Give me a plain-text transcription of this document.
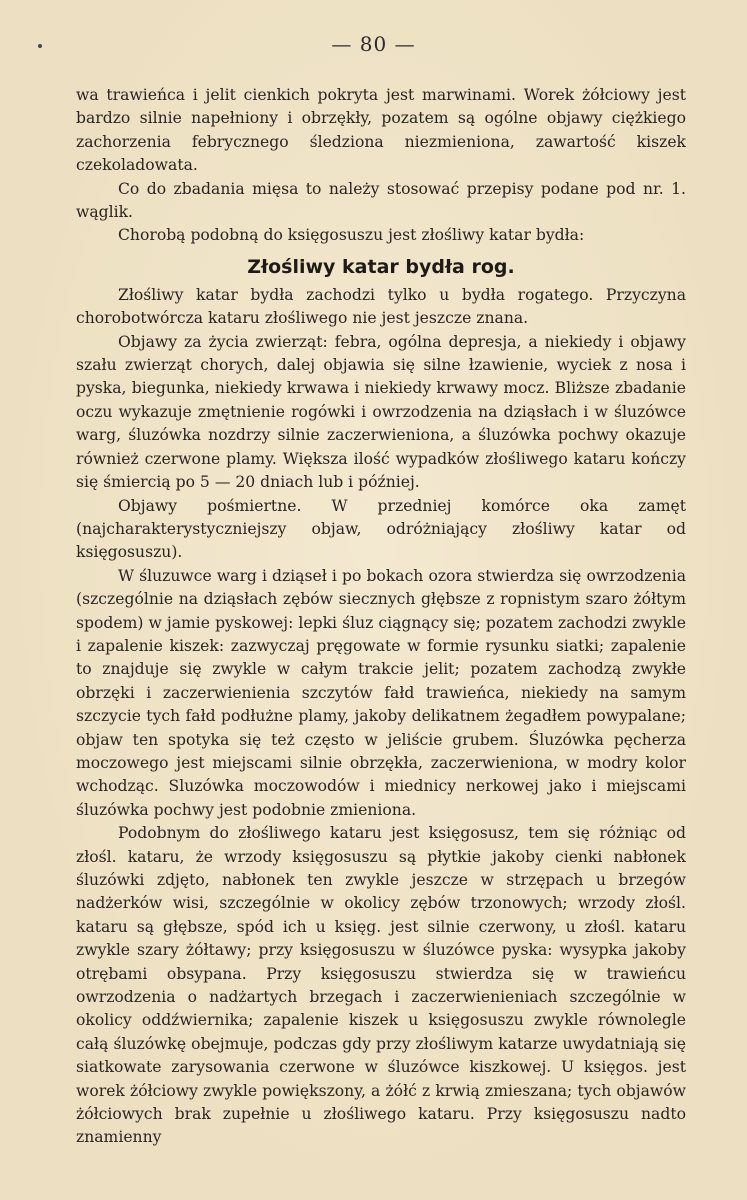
— 80 —

wa trawieńca i jelit cienkich pokryta jest marwinami. Worek żółciowy jest bardzo silnie napełniony i obrzękły, pozatem są ogólne objawy ciężkiego zachorzenia febrycznego śledziona niezmieniona, zawartość kiszek czekoladowata.

Co do zbadania mięsa to należy stosować przepisy podane pod nr. 1. wąglik.

Chorobą podobną do księgosuszu jest złośliwy katar bydła:

Złośliwy katar bydła rog.

Złośliwy katar bydła zachodzi tylko u bydła rogatego. Przyczyna chorobotwórcza kataru złośliwego nie jest jeszcze znana.

Objawy za życia zwierząt: febra, ogólna depresja, a niekiedy i objawy szału zwierząt chorych, dalej objawia się silne łzawienie, wyciek z nosa i pyska, biegunka, niekiedy krwawa i niekiedy krwawy mocz. Bliższe zbadanie oczu wykazuje zmętnienie rogówki i owrzodzenia na dziąsłach i w śluzówce warg, śluzówka nozdrzy silnie zaczerwieniona, a śluzówka pochwy okazuje również czerwone plamy. Większa ilość wypadków złośliwego kataru kończy się śmiercią po 5 — 20 dniach lub i później.

Objawy pośmiertne. W przedniej komórce oka zamęt (najcharakterystyczniejszy objaw, odróżniający złośliwy katar od księgosuszu).

W śluzuwce warg i dziąseł i po bokach ozora stwierdza się owrzodzenia (szczególnie na dziąsłach zębów siecznych głębsze z ropnistym szaro żółtym spodem) w jamie pyskowej: lepki śluz ciągnący się; pozatem zachodzi zwykle i zapalenie kiszek: zazwyczaj pręgowate w formie rysunku siatki; zapalenie to znajduje się zwykle w całym trakcie jelit; pozatem zachodzą zwykłe obrzęki i zaczerwienienia szczytów fałd trawieńca, niekiedy na samym szczycie tych fałd podłużne plamy, jakoby delikatnem żegadłem powypalane; objaw ten spotyka się też często w jeliście grubem. Śluzówka pęcherza moczowego jest miejscami silnie obrzękła, zaczerwieniona, w modry kolor wchodząc. Sluzówka moczowodów i miednicy nerkowej jako i miejscami śluzówka pochwy jest podobnie zmieniona.

Podobnym do złośliwego kataru jest księgosusz, tem się różniąc od złośl. kataru, że wrzody księgosuszu są płytkie jakoby cienki nabłonek śluzówki zdjęto, nabłonek ten zwykle jeszcze w strzępach u brzegów nadżerków wisi, szczególnie w okolicy zębów trzonowych; wrzody złośl. kataru są głębsze, spód ich u księg. jest silnie czerwony, u złośl. kataru zwykle szary żółtawy; przy księgosuszu w śluzówce pyska: wysypka jakoby otrębami obsypana. Przy księgosuszu stwierdza się w trawieńcu owrzodzenia o nadżartych brzegach i zaczerwienieniach szczególnie w okolicy oddźwiernika; zapalenie kiszek u księgosuszu zwykle równolegle całą śluzówkę obejmuje, podczas gdy przy złośliwym katarze uwydatniają się siatkowate zarysowania czerwone w śluzówce kiszkowej. U księgos. jest worek żółciowy zwykle powiększony, a żółć z krwią zmieszana; tych objawów żółciowych brak zupełnie u złośliwego kataru. Przy księgosuszu nadto znamienny
